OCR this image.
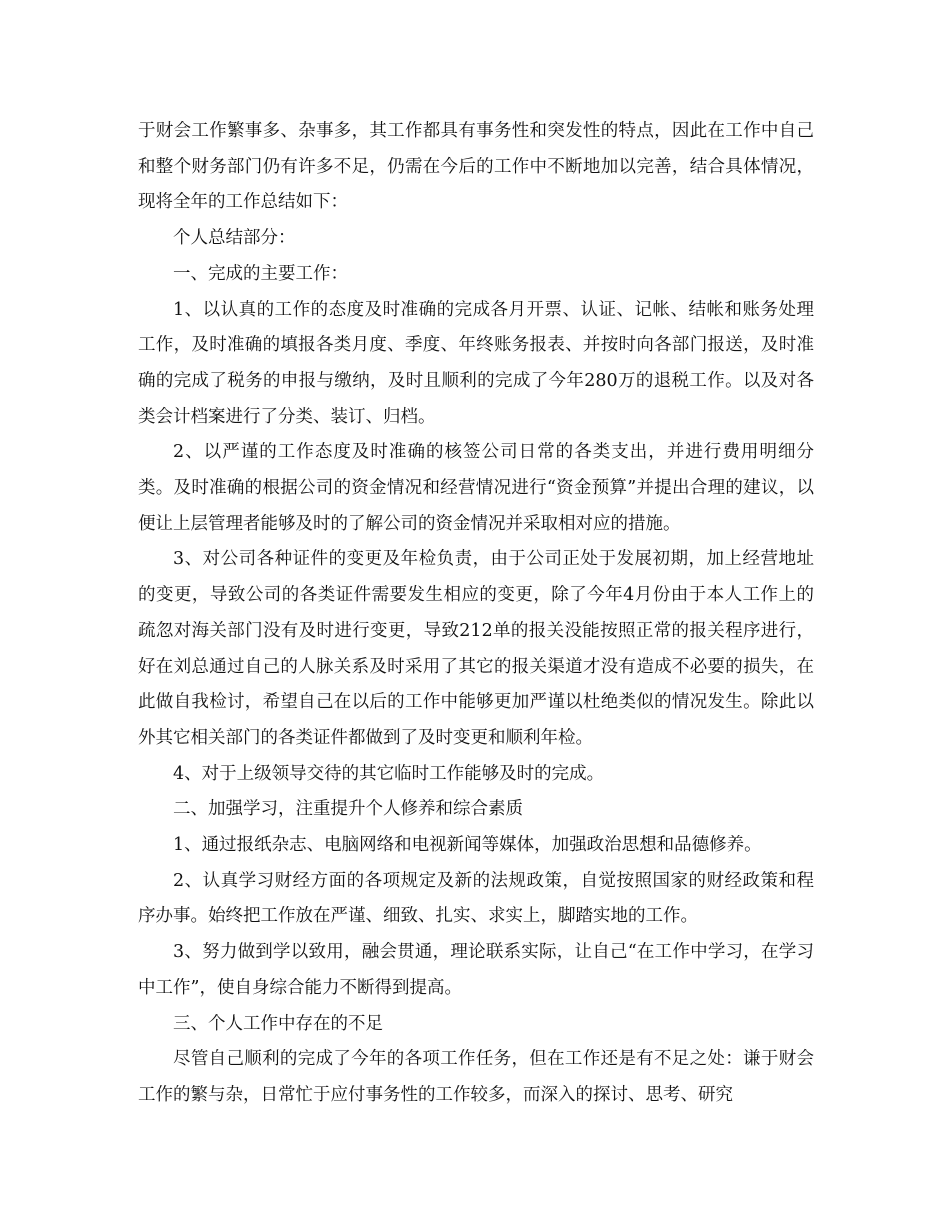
于财会工作繁事多、杂事多，其工作都具有事务性和突发性的特点，因此在工作中自己和整个财务部门仍有许多不足，仍需在今后的工作中不断地加以完善，结合具体情况，现将全年的工作总结如下：

个人总结部分：

一、完成的主要工作：

1、以认真的工作的态度及时准确的完成各月开票、认证、记帐、结帐和账务处理工作，及时准确的填报各类月度、季度、年终账务报表、并按时向各部门报送，及时准确的完成了税务的申报与缴纳，及时且顺利的完成了今年280万的退税工作。以及对各类会计档案进行了分类、装订、归档。

2、以严谨的工作态度及时准确的核签公司日常的各类支出，并进行费用明细分类。及时准确的根据公司的资金情况和经营情况进行“资金预算”并提出合理的建议，以便让上层管理者能够及时的了解公司的资金情况并采取相对应的措施。

3、对公司各种证件的变更及年检负责，由于公司正处于发展初期，加上经营地址的变更，导致公司的各类证件需要发生相应的变更，除了今年4月份由于本人工作上的疏忽对海关部门没有及时进行变更，导致212单的报关没能按照正常的报关程序进行，好在刘总通过自己的人脉关系及时采用了其它的报关渠道才没有造成不必要的损失，在此做自我检讨，希望自己在以后的工作中能够更加严谨以杜绝类似的情况发生。除此以外其它相关部门的各类证件都做到了及时变更和顺利年检。

4、对于上级领导交待的其它临时工作能够及时的完成。

二、加强学习，注重提升个人修养和综合素质

1、通过报纸杂志、电脑网络和电视新闻等媒体，加强政治思想和品德修养。

2、认真学习财经方面的各项规定及新的法规政策，自觉按照国家的财经政策和程序办事。始终把工作放在严谨、细致、扎实、求实上，脚踏实地的工作。

3、努力做到学以致用，融会贯通，理论联系实际，让自己“在工作中学习，在学习中工作”，使自身综合能力不断得到提高。

三、个人工作中存在的不足

尽管自己顺利的完成了今年的各项工作任务，但在工作还是有不足之处：谦于财会工作的繁与杂，日常忙于应付事务性的工作较多，而深入的探讨、思考、研究
